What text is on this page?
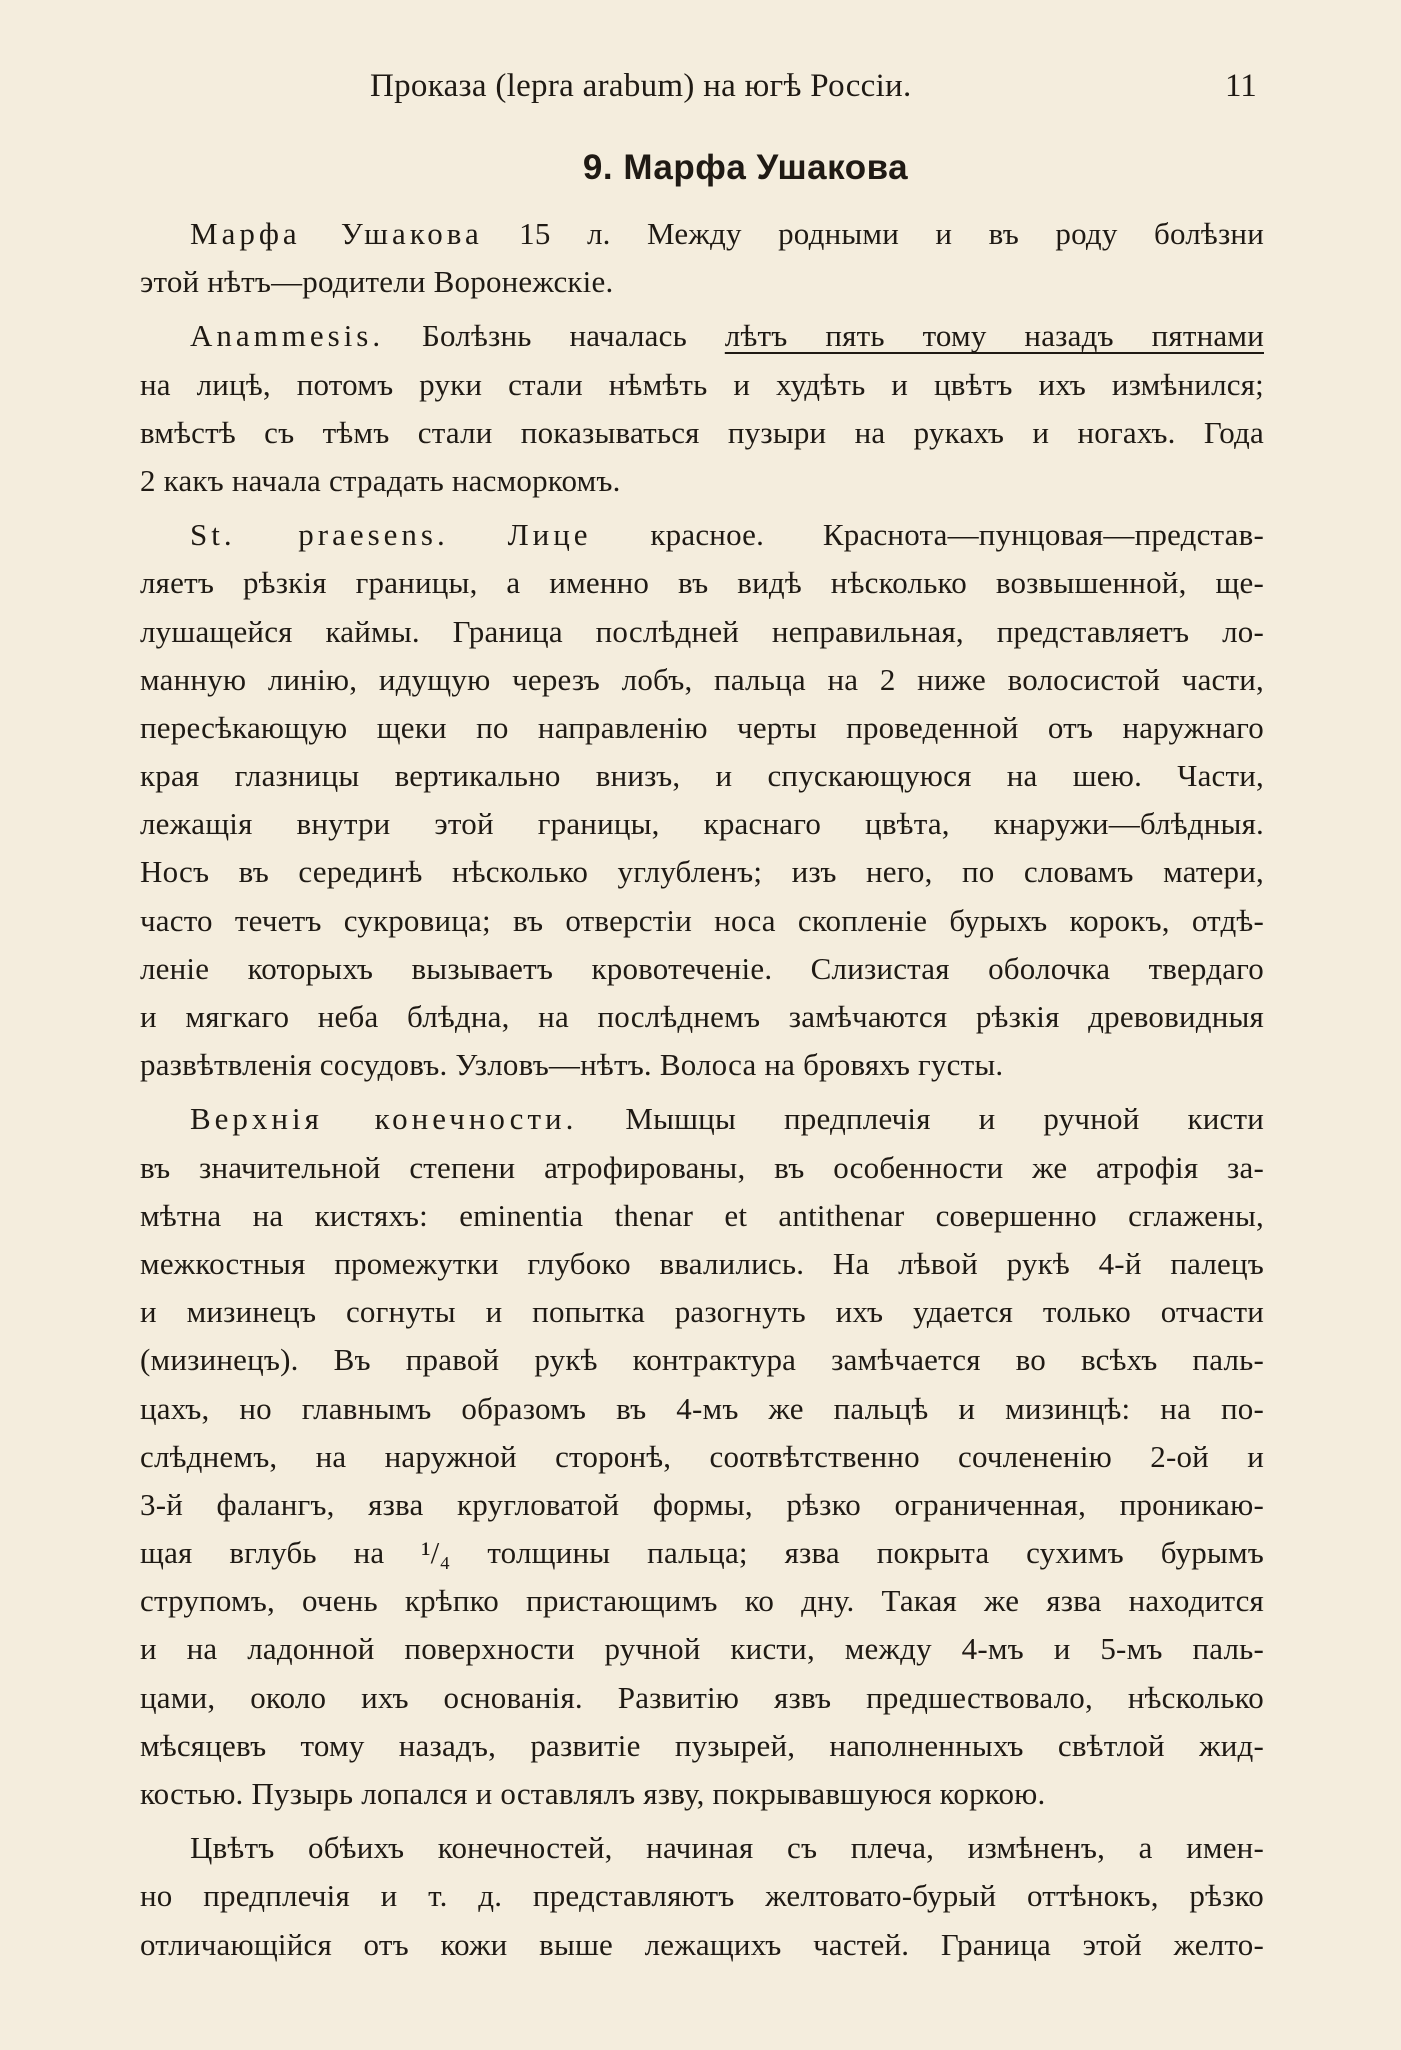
Проказа (lepra arabum) на югѣ Россіи.	11
9. Марфа Ушакова
Марфа Ушакова 15 л. Между родными и въ роду болѣзни
этой нѣтъ—родители Воронежскіе.
Anammesis. Болѣзнь началась лѣтъ пять тому назадъ пятнами
на лицѣ, потомъ руки стали нѣмѣть и худѣть и цвѣтъ ихъ измѣнился;
вмѣстѣ съ тѣмъ стали показываться пузыри на рукахъ и ногахъ. Года
2 какъ начала страдать насморкомъ.
St. praesens. Лице красное. Краснота—пунцовая—представ-
ляетъ рѣзкія границы, а именно въ видѣ нѣсколько возвышенной, ще-
лушащейся каймы. Граница послѣдней неправильная, представляетъ ло-
манную линію, идущую черезъ лобъ, пальца на 2 ниже волосистой части,
пересѣкающую щеки по направленію черты проведенной отъ наружнаго
края глазницы вертикально внизъ, и спускающуюся на шею. Части,
лежащія внутри этой границы, краснаго цвѣта, кнаружи—блѣдныя.
Носъ въ серединѣ нѣсколько углубленъ; изъ него, по словамъ матери,
часто течетъ сукровица; въ отверстіи носа скопленіе бурыхъ корокъ, отдѣ-
леніе которыхъ вызываетъ кровотеченіе. Слизистая оболочка твердаго
и мягкаго неба блѣдна, на послѣднемъ замѣчаются рѣзкія древовидныя
развѣтвленія сосудовъ. Узловъ—нѣтъ. Волоса на бровяхъ густы.
Верхнія конечности. Мышцы предплечія и ручной кисти
въ значительной степени атрофированы, въ особенности же атрофія за-
мѣтна на кистяхъ: eminentia thenar et antithenar совершенно сглажены,
межкостныя промежутки глубоко ввалились. На лѣвой рукѣ 4-й палецъ
и мизинецъ согнуты и попытка разогнуть ихъ удается только отчасти
(мизинецъ). Въ правой рукѣ контрактура замѣчается во всѣхъ паль-
цахъ, но главнымъ образомъ въ 4-мъ же пальцѣ и мизинцѣ: на по-
слѣднемъ, на наружной сторонѣ, соотвѣтственно сочлененію 2-ой и
3-й фалангъ, язва кругловатой формы, рѣзко ограниченная, проникаю-
щая вглубь на ¹/₄ толщины пальца; язва покрыта сухимъ бурымъ
струпомъ, очень крѣпко пристающимъ ко дну. Такая же язва находится
и на ладонной поверхности ручной кисти, между 4-мъ и 5-мъ паль-
цами, около ихъ основанія. Развитію язвъ предшествовало, нѣсколько
мѣсяцевъ тому назадъ, развитіе пузырей, наполненныхъ свѣтлой жид-
костью. Пузырь лопался и оставлялъ язву, покрывавшуюся коркою.
Цвѣтъ обѣихъ конечностей, начиная съ плеча, измѣненъ, а имен-
но предплечія и т. д. представляютъ желтовато-бурый оттѣнокъ, рѣзко
отличающійся отъ кожи выше лежащихъ частей. Граница этой желто-
